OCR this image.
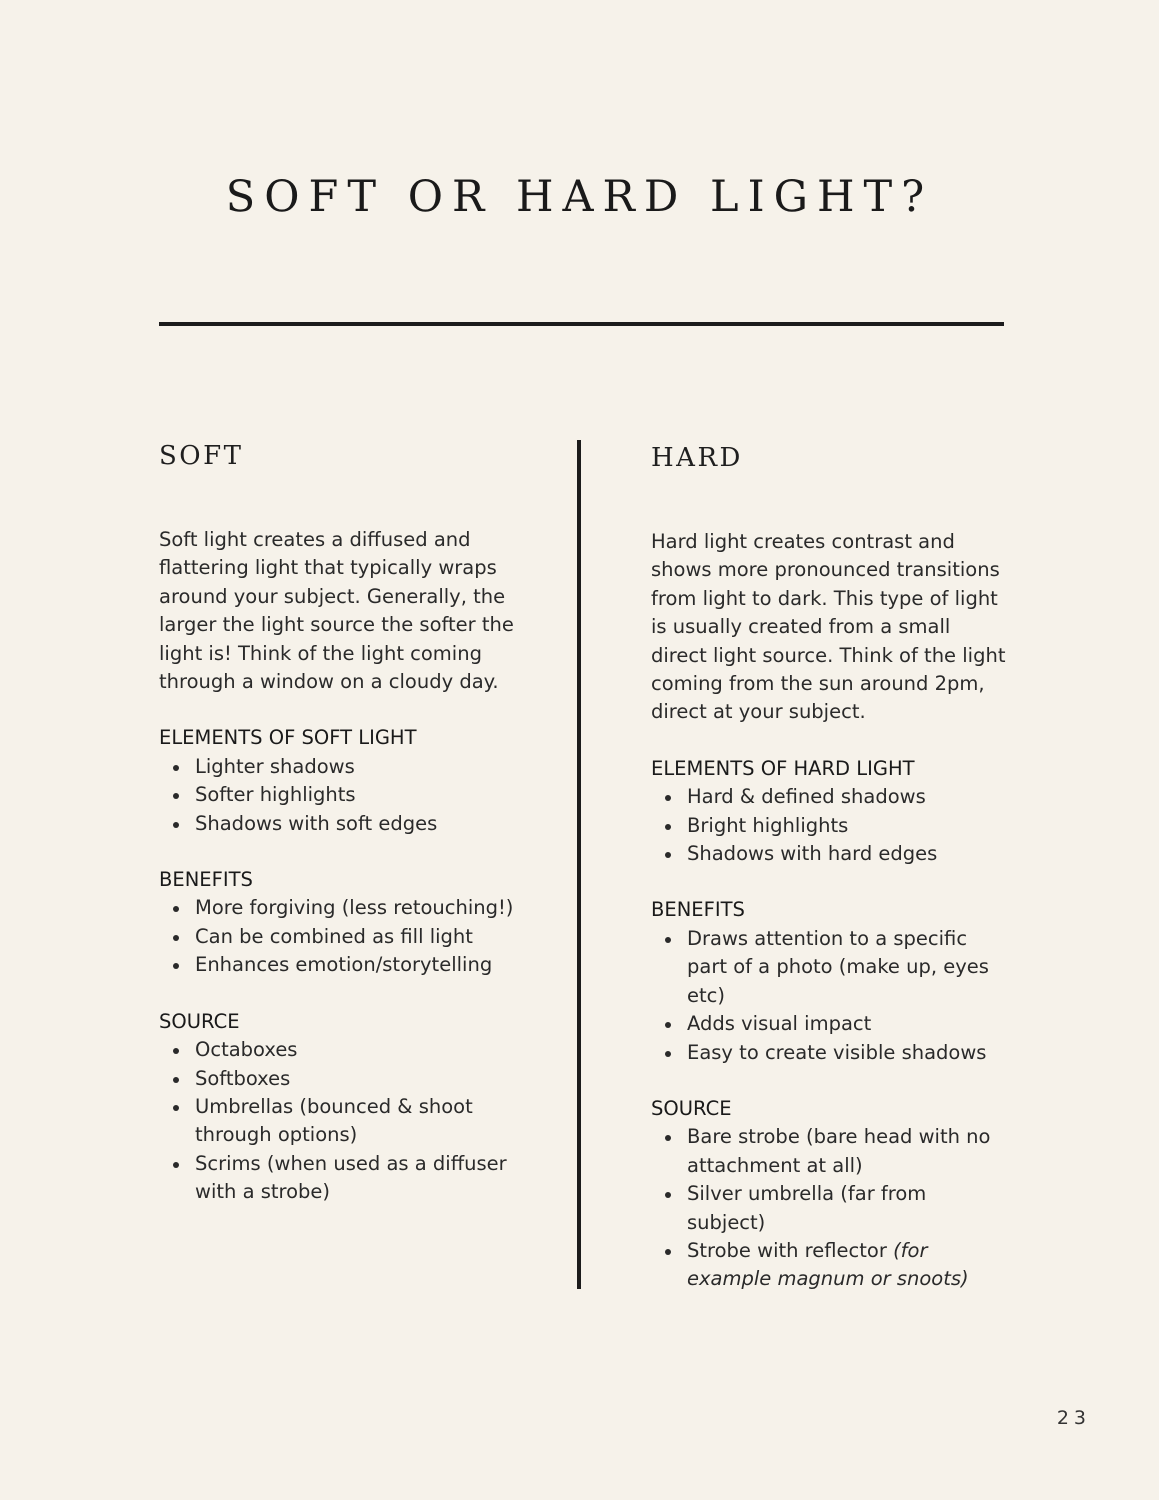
SOFT OR HARD LIGHT?
SOFT

Soft light creates a diffused and flattering light that typically wraps around your subject. Generally, the larger the light source the softer the light is! Think of the light coming through a window on a cloudy day.

ELEMENTS OF SOFT LIGHT
Lighter shadows
Softer highlights
Shadows with soft edges
BENEFITS
More forgiving (less retouching!)
Can be combined as fill light
Enhances emotion/storytelling
SOURCE
Octaboxes
Softboxes
Umbrellas (bounced & shoot through options)
Scrims (when used as a diffuser with a strobe)
HARD

Hard light creates contrast and shows more pronounced transitions from light to dark. This type of light is usually created from a small direct light source. Think of the light coming from the sun around 2pm, direct at your subject.

ELEMENTS OF HARD LIGHT
Hard & defined shadows
Bright highlights
Shadows with hard edges
BENEFITS
Draws attention to a specific part of a photo (make up, eyes etc)
Adds visual impact
Easy to create visible shadows
SOURCE
Bare strobe (bare head with no attachment at all)
Silver umbrella (far from subject)
Strobe with reflector (for example magnum or snoots)
23
